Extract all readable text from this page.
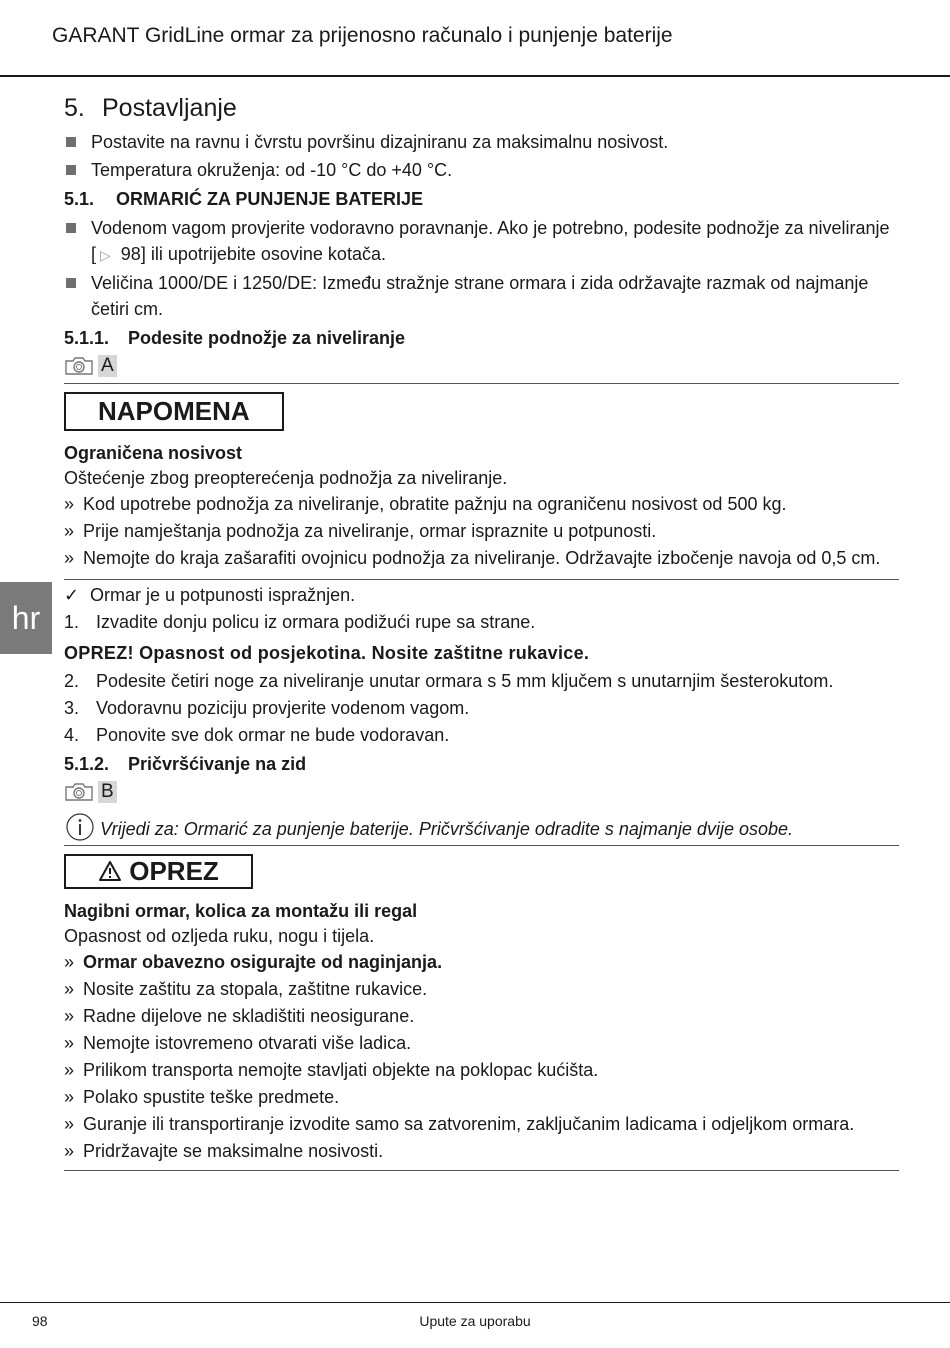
GARANT GridLine ormar za prijenosno računalo i punjenje baterije
hr
5. Postavljanje
Postavite na ravnu i čvrstu površinu dizajniranu za maksimalnu nosivost.
Temperatura okruženja: od -10 °C do +40 °C.
5.1.	ORMARIĆ ZA PUNJENJE BATERIJE
Vodenom vagom provjerite vodoravno poravnanje. Ako je potrebno, podesite podnožje za niveliranje [ ▷ 98] ili upotrijebite osovine kotača.
Veličina 1000/DE i 1250/DE: Između stražnje strane ormara i zida održavajte razmak od najmanje četiri cm.
5.1.1.	Podesite podnožje za niveliranje
A
NAPOMENA
Ograničena nosivost
Oštećenje zbog preopterećenja podnožja za niveliranje.
» Kod upotrebe podnožja za niveliranje, obratite pažnju na ograničenu nosivost od 500 kg.
» Prije namještanja podnožja za niveliranje, ormar ispraznite u potpunosti.
» Nemojte do kraja zašarafiti ovojnicu podnožja za niveliranje. Održavajte izbočenje navoja od 0,5 cm.
✓ Ormar je u potpunosti ispražnjen.
1. Izvadite donju policu iz ormara podižući rupe sa strane.
OPREZ! Opasnost od posjekotina. Nosite zaštitne rukavice.
2. Podesite četiri noge za niveliranje unutar ormara s 5 mm ključem s unutarnjim šesterokutom.
3. Vodoravnu poziciju provjerite vodenom vagom.
4. Ponovite sve dok ormar ne bude vodoravan.
5.1.2.	Pričvršćivanje na zid
B
Vrijedi za: Ormarić za punjenje baterije. Pričvršćivanje odradite s najmanje dvije osobe.
OPREZ
Nagibni ormar, kolica za montažu ili regal
Opasnost od ozljeda ruku, nogu i tijela.
» Ormar obavezno osigurajte od naginjanja.
» Nosite zaštitu za stopala, zaštitne rukavice.
» Radne dijelove ne skladištiti neosigurane.
» Nemojte istovremeno otvarati više ladica.
» Prilikom transporta nemojte stavljati objekte na poklopac kućišta.
» Polako spustite teške predmete.
» Guranje ili transportiranje izvodite samo sa zatvorenim, zaključanim ladicama i odjeljkom ormara.
» Pridržavajte se maksimalne nosivosti.
98	Upute za uporabu
